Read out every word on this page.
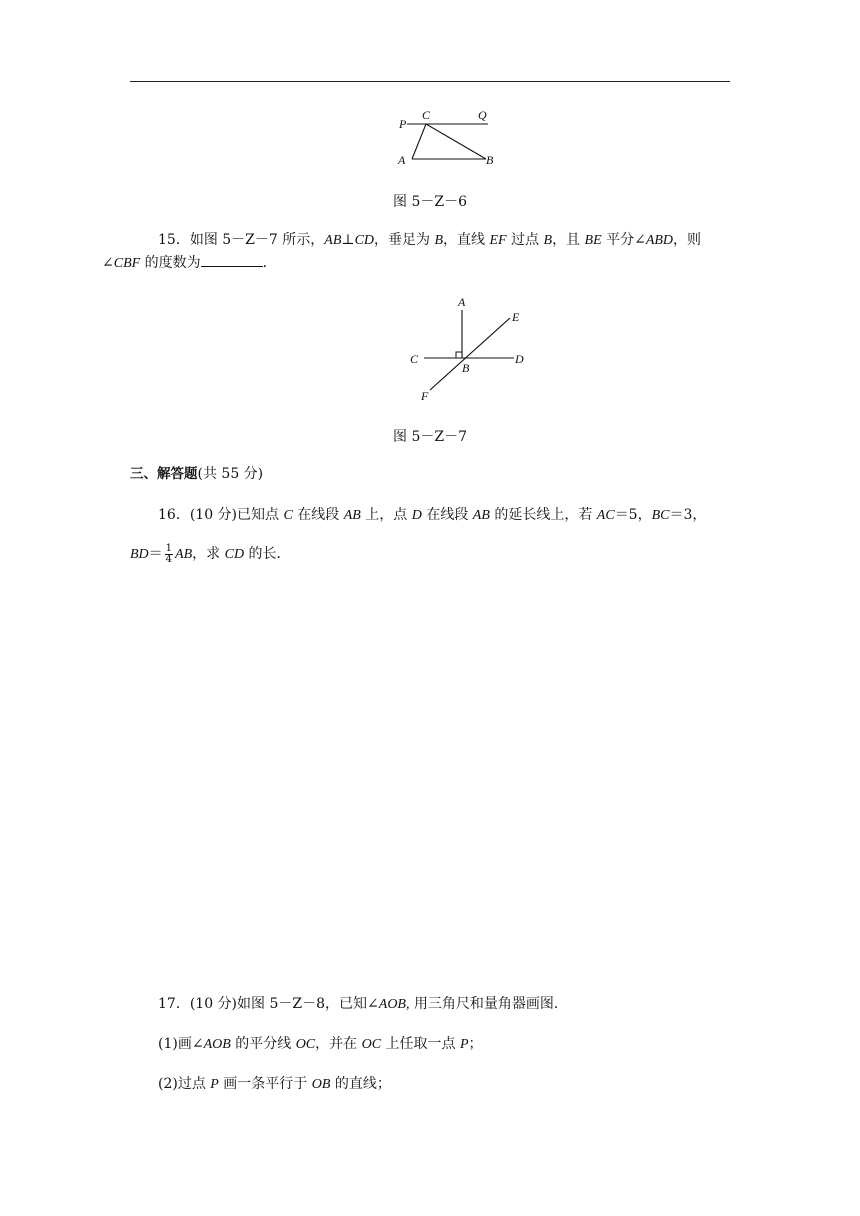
P
C	Q
A	B
图 5－Z－6
15．如图 5－Z－7 所示，AB⊥CD，垂足为 B，直线 EF 过点 B，且 BE 平分∠ABD，则
∠CBF 的度数为	．
A
E
C
B
D
F
图 5－Z－7
三、解答题(共 55 分)
16．(10 分)已知点 C 在线段 AB 上，点 D 在线段 AB 的延长线上，若 AC＝5，BC＝3，
$BD= \frac{1}{4}$ AB，求 CD 的长．
17．(10 分)如图 5－Z－8，已知∠AOB, 用三角尺和量角器画图．
(1)画∠AOB 的平分线 OC，并在 OC 上任取一点 P；
(2)过点 P 画一条平行于 OB 的直线；
